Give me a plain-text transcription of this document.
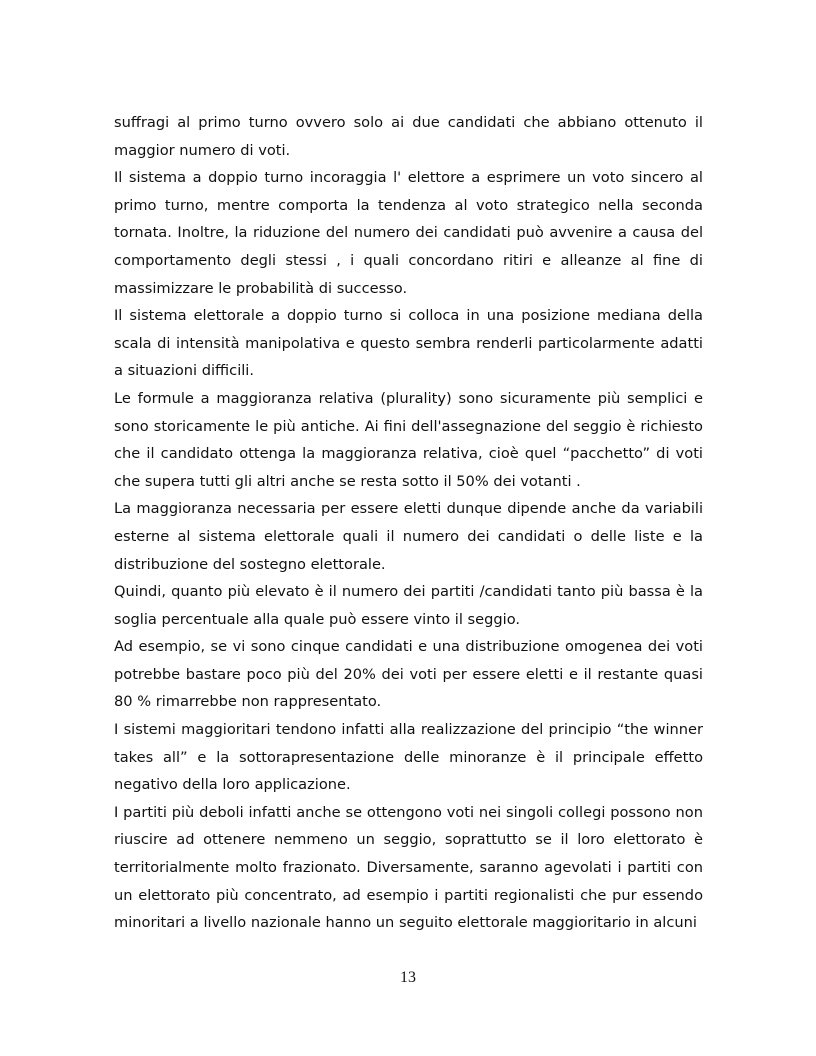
suffragi al primo turno ovvero solo ai due candidati che abbiano ottenuto il maggior numero di voti.

Il sistema a doppio turno incoraggia l' elettore a esprimere un voto sincero al primo turno, mentre comporta la tendenza al voto strategico nella seconda tornata. Inoltre, la riduzione del numero dei candidati può avvenire a causa del comportamento degli stessi , i quali concordano ritiri e alleanze al fine di massimizzare le probabilità di successo.

Il sistema elettorale a doppio turno si colloca in una posizione mediana della scala di intensità manipolativa e questo sembra renderli particolarmente adatti a situazioni difficili.

Le formule a maggioranza relativa (plurality) sono sicuramente più semplici e sono storicamente le più antiche. Ai fini dell'assegnazione del seggio è richiesto che il candidato ottenga la maggioranza relativa, cioè quel “pacchetto” di voti che supera tutti gli altri anche se resta sotto il 50% dei votanti .

La maggioranza necessaria per essere eletti dunque dipende anche da variabili esterne al sistema elettorale quali il numero dei candidati o delle liste e la distribuzione del sostegno elettorale.

Quindi, quanto più elevato è il numero dei partiti /candidati tanto più bassa è la soglia percentuale alla quale può essere vinto il seggio.

Ad esempio, se vi sono cinque candidati e una distribuzione omogenea dei voti potrebbe bastare poco più del 20% dei voti per essere eletti e il restante quasi 80 % rimarrebbe non rappresentato.

I sistemi maggioritari tendono infatti alla realizzazione del principio “the winner takes all” e la sottorapresentazione delle minoranze è il principale effetto negativo della loro applicazione.

I partiti più deboli infatti anche se ottengono voti nei singoli collegi possono non riuscire ad ottenere nemmeno un seggio, soprattutto se il loro elettorato è territorialmente molto frazionato. Diversamente, saranno agevolati i partiti con un elettorato più concentrato, ad esempio i partiti regionalisti che pur essendo minoritari a livello nazionale hanno un seguito elettorale maggioritario in alcuni

13
